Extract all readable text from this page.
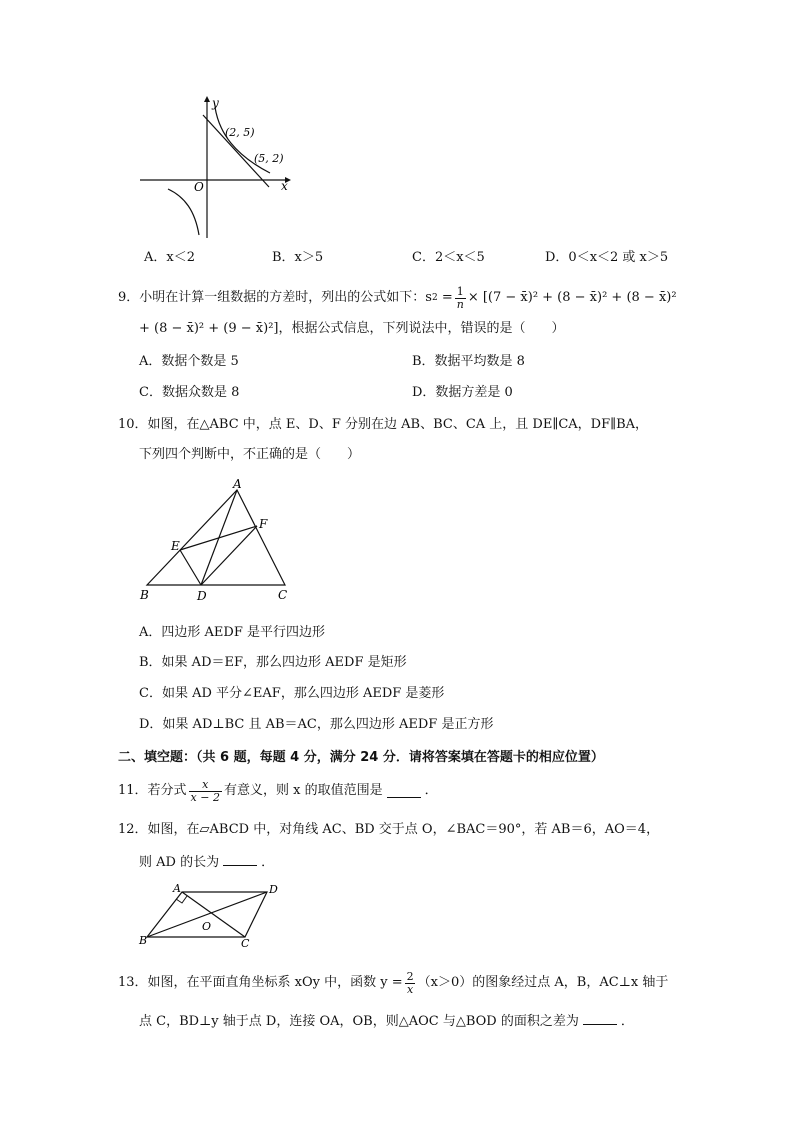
y
x
O
(2, 5)
(5, 2)
A．x＜2	B．x＞5	C．2＜x＜5	D．0＜x＜2 或 x＞5
9． 小明在计算一组数据的方差时，列出的公式如下：s $2 = \frac{1}{n} \times [(7$ − x̄)² + (8 − x̄)² + (8 − x̄)²
+ (8 − x̄)² + (9 − x̄)²]，根据公式信息，下列说法中，错误的是（　　）
A．数据个数是 5	B．数据平均数是 8
C．数据众数是 8	D．数据方差是 0
10．如图，在△ABC 中，点 E、D、F 分别在边 AB、BC、CA 上，且 DE∥CA，DF∥BA，
下列四个判断中，不正确的是（　　）
A
B	C
D
E
F
A．四边形 AEDF 是平行四边形
B．如果 AD＝EF，那么四边形 AEDF 是矩形
C．如果 AD 平分∠EAF，那么四边形 AEDF 是菱形
D．如果 AD⊥BC 且 AB＝AC，那么四边形 AEDF 是正方形
二、填空题：（共 6 题，每题 4 分，满分 24 分．请将答案填在答题卡的相应位置）
11．若分式 $\frac{x}{x - 2}$ 有意义，则 x 的取值范围是	．
12．如图，在▱ABCD 中，对角线 AC、BD 交于点 O，∠BAC＝90°，若 AB＝6，AO＝4，
则 AD 的长为	．
A	D
B	C
O
13．如图，在平面直角坐标系 xOy 中，函数 $y = \frac{2}{x} (x>0)$的图象经过点 A，B，AC⊥x 轴于
点 C，BD⊥y 轴于点 D，连接 OA，OB，则△AOC 与△BOD 的面积之差为	．
